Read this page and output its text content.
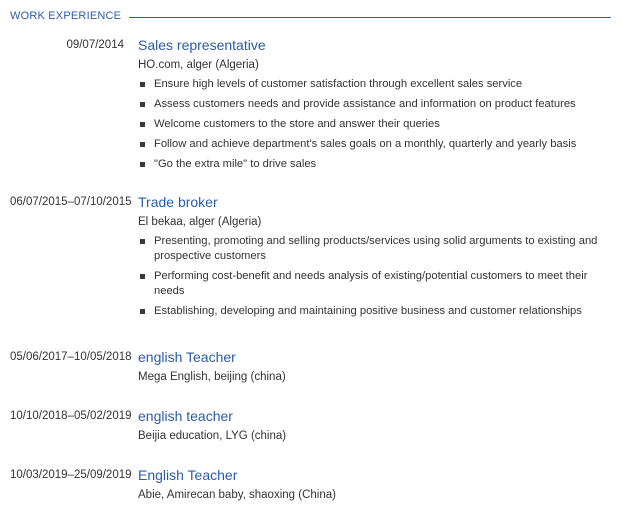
WORK EXPERIENCE
09/07/2014	Sales representative
HO.com, alger (Algeria)
Ensure high levels of customer satisfaction through excellent sales service
Assess customers needs and provide assistance and information on product features
Welcome customers to the store and answer their queries
Follow and achieve department's sales goals on a monthly, quarterly and yearly basis
"Go the extra mile" to drive sales
06/07/2015–07/10/2015 Trade broker
El bekaa, alger (Algeria)
Presenting, promoting and selling products/services using solid arguments to existing and prospective customers
Performing cost-benefit and needs analysis of existing/potential customers to meet their needs
Establishing, developing and maintaining positive business and customer relationships
05/06/2017–10/05/2018 english Teacher
Mega English, beijing (china)
10/10/2018–05/02/2019 english teacher
Beijia education, LYG (china)
10/03/2019–25/09/2019 English Teacher
Abie, Amirecan baby, shaoxing (China)
